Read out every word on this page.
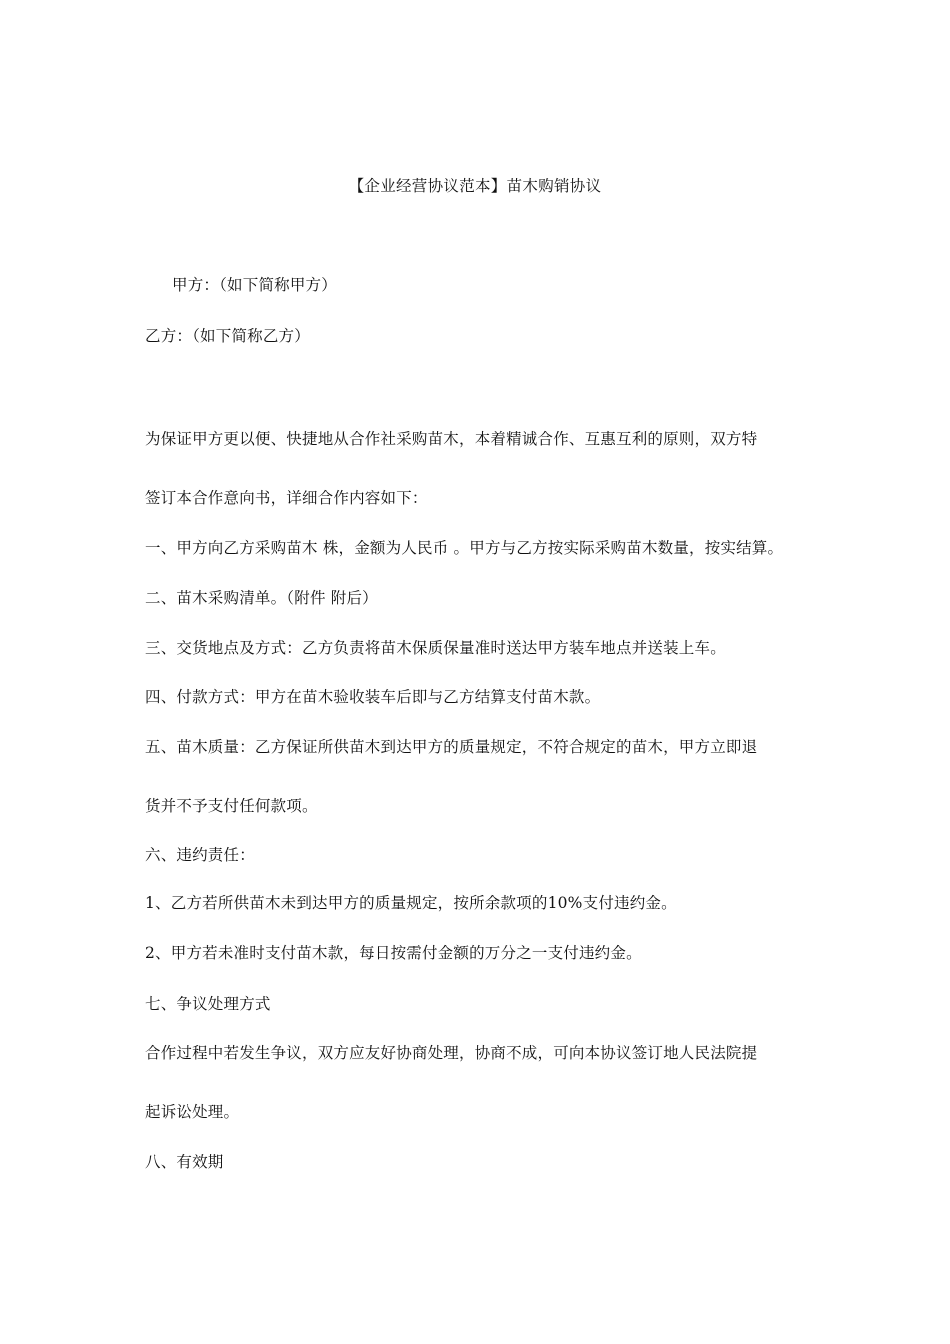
【企业经营协议范本】苗木购销协议
甲方：（如下简称甲方）
乙方：（如下简称乙方）
为保证甲方更以便、快捷地从合作社采购苗木，本着精诚合作、互惠互利的原则，双方特
签订本合作意向书，详细合作内容如下：
一、甲方向乙方采购苗木 株，金额为人民币 。甲方与乙方按实际采购苗木数量，按实结算。
二、苗木采购清单。（附件 附后）
三、交货地点及方式：乙方负责将苗木保质保量准时送达甲方装车地点并送装上车。
四、付款方式：甲方在苗木验收装车后即与乙方结算支付苗木款。
五、苗木质量：乙方保证所供苗木到达甲方的质量规定，不符合规定的苗木，甲方立即退
货并不予支付任何款项。
六、违约责任：
1、乙方若所供苗木未到达甲方的质量规定，按所余款项的10%支付违约金。
2、甲方若未准时支付苗木款，每日按需付金额的万分之一支付违约金。
七、争议处理方式
合作过程中若发生争议，双方应友好协商处理，协商不成，可向本协议签订地人民法院提
起诉讼处理。
八、有效期
